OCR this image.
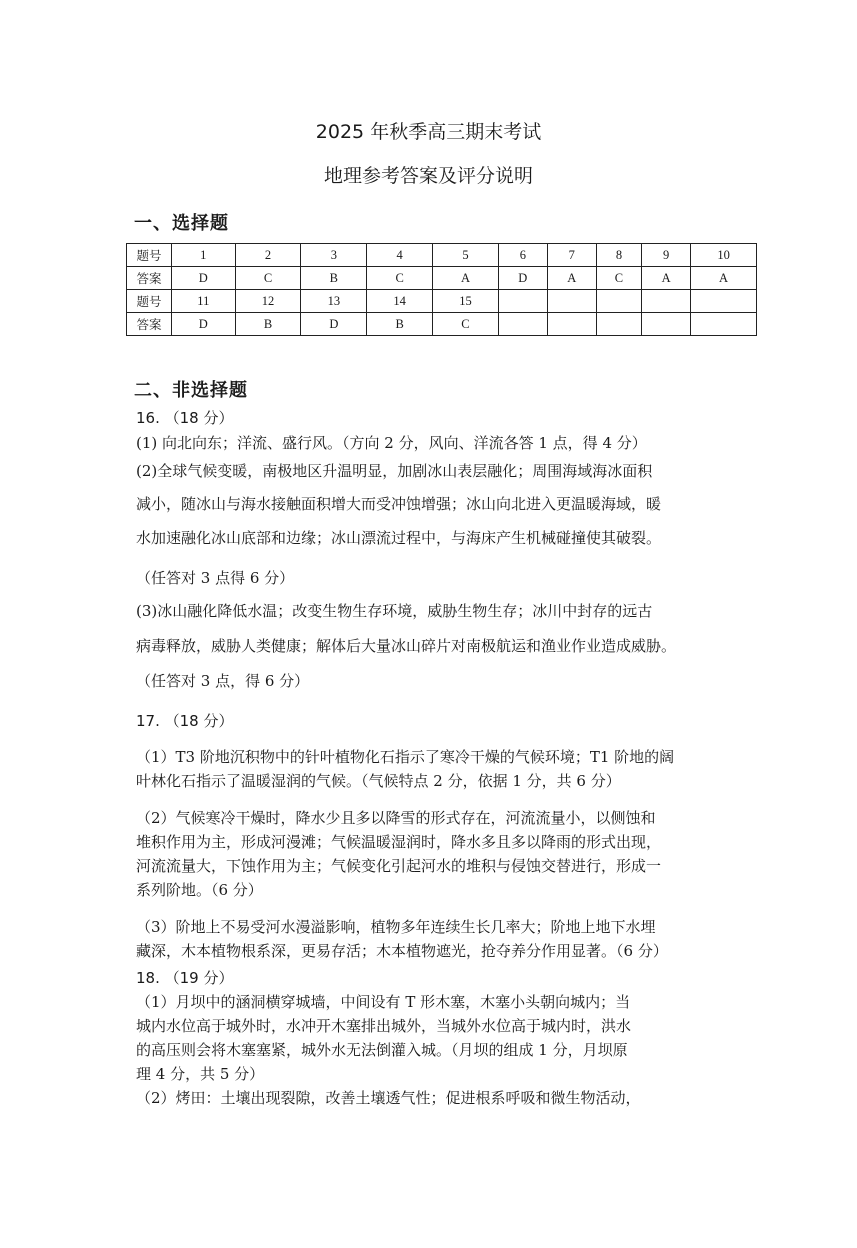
2025 年秋季高三期末考试
地理参考答案及评分说明
一、选择题
题号	1	2	3	4	5	6	7	8	9	10
答案	D	C	B	C	A	D	A	C	A	A
题号	11	12	13	14	15					
答案	D	B	D	B	C					
二、非选择题
16. （18 分）
(1) 向北向东；洋流、盛行风。（方向 2 分，风向、洋流各答 1 点，得 4 分）
(2)全球气候变暖，南极地区升温明显，加剧冰山表层融化；周围海域海冰面积
减小，随冰山与海水接触面积增大而受冲蚀增强；冰山向北进入更温暖海域，暖
水加速融化冰山底部和边缘；冰山漂流过程中，与海床产生机械碰撞使其破裂。
（任答对 3 点得 6 分）
(3)冰山融化降低水温；改变生物生存环境，威胁生物生存；冰川中封存的远古
病毒释放，威胁人类健康；解体后大量冰山碎片对南极航运和渔业作业造成威胁。
（任答对 3 点，得 6 分）
17. （18 分）
（1）T3 阶地沉积物中的针叶植物化石指示了寒冷干燥的气候环境；T1 阶地的阔
叶林化石指示了温暖湿润的气候。（气候特点 2 分，依据 1 分，共 6 分）
（2）气候寒冷干燥时，降水少且多以降雪的形式存在，河流流量小，以侧蚀和
堆积作用为主，形成河漫滩；气候温暖湿润时，降水多且多以降雨的形式出现，
河流流量大，下蚀作用为主；气候变化引起河水的堆积与侵蚀交替进行，形成一
系列阶地。（6 分）
（3）阶地上不易受河水漫溢影响，植物多年连续生长几率大；阶地上地下水埋
藏深，木本植物根系深，更易存活；木本植物遮光，抢夺养分作用显著。（6 分）
18. （19 分）
（1）月坝中的涵洞横穿城墙，中间设有 T 形木塞，木塞小头朝向城内；当
城内水位高于城外时，水冲开木塞排出城外，当城外水位高于城内时，洪水
的高压则会将木塞塞紧，城外水无法倒灌入城。（月坝的组成 1 分，月坝原
理 4 分，共 5 分）
（2）烤田：土壤出现裂隙，改善土壤透气性；促进根系呼吸和微生物活动，
